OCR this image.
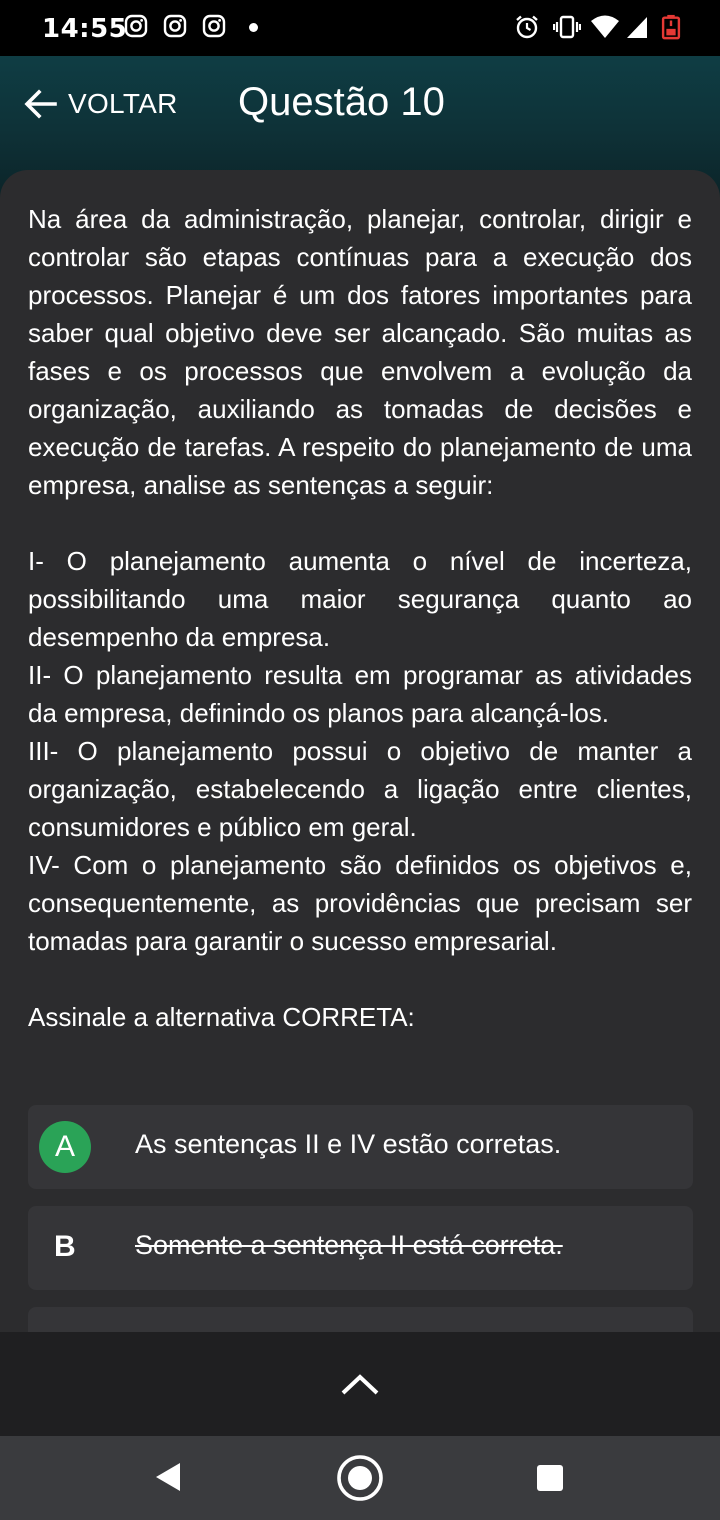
14:55
VOLTAR Questão 10

Na área da administração, planejar, controlar, dirigir e controlar são etapas contínuas para a execução dos processos. Planejar é um dos fatores importantes para saber qual objetivo deve ser alcançado. São muitas as fases e os processos que envolvem a evolução da organização, auxiliando as tomadas de decisões e execução de tarefas. A respeito do planejamento de uma empresa, analise as sentenças a seguir:

I- O planejamento aumenta o nível de incerteza, possibilitando uma maior segurança quanto ao desempenho da empresa.

II- O planejamento resulta em programar as atividades da empresa, definindo os planos para alcançá-los.

III- O planejamento possui o objetivo de manter a organização, estabelecendo a ligação entre clientes, consumidores e público em geral.

IV- Com o planejamento são definidos os objetivos e, consequentemente, as providências que precisam ser tomadas para garantir o sucesso empresarial.

Assinale a alternativa CORRETA:

A	As sentenças II e IV estão corretas.
B Somente a sentença II está correta.
